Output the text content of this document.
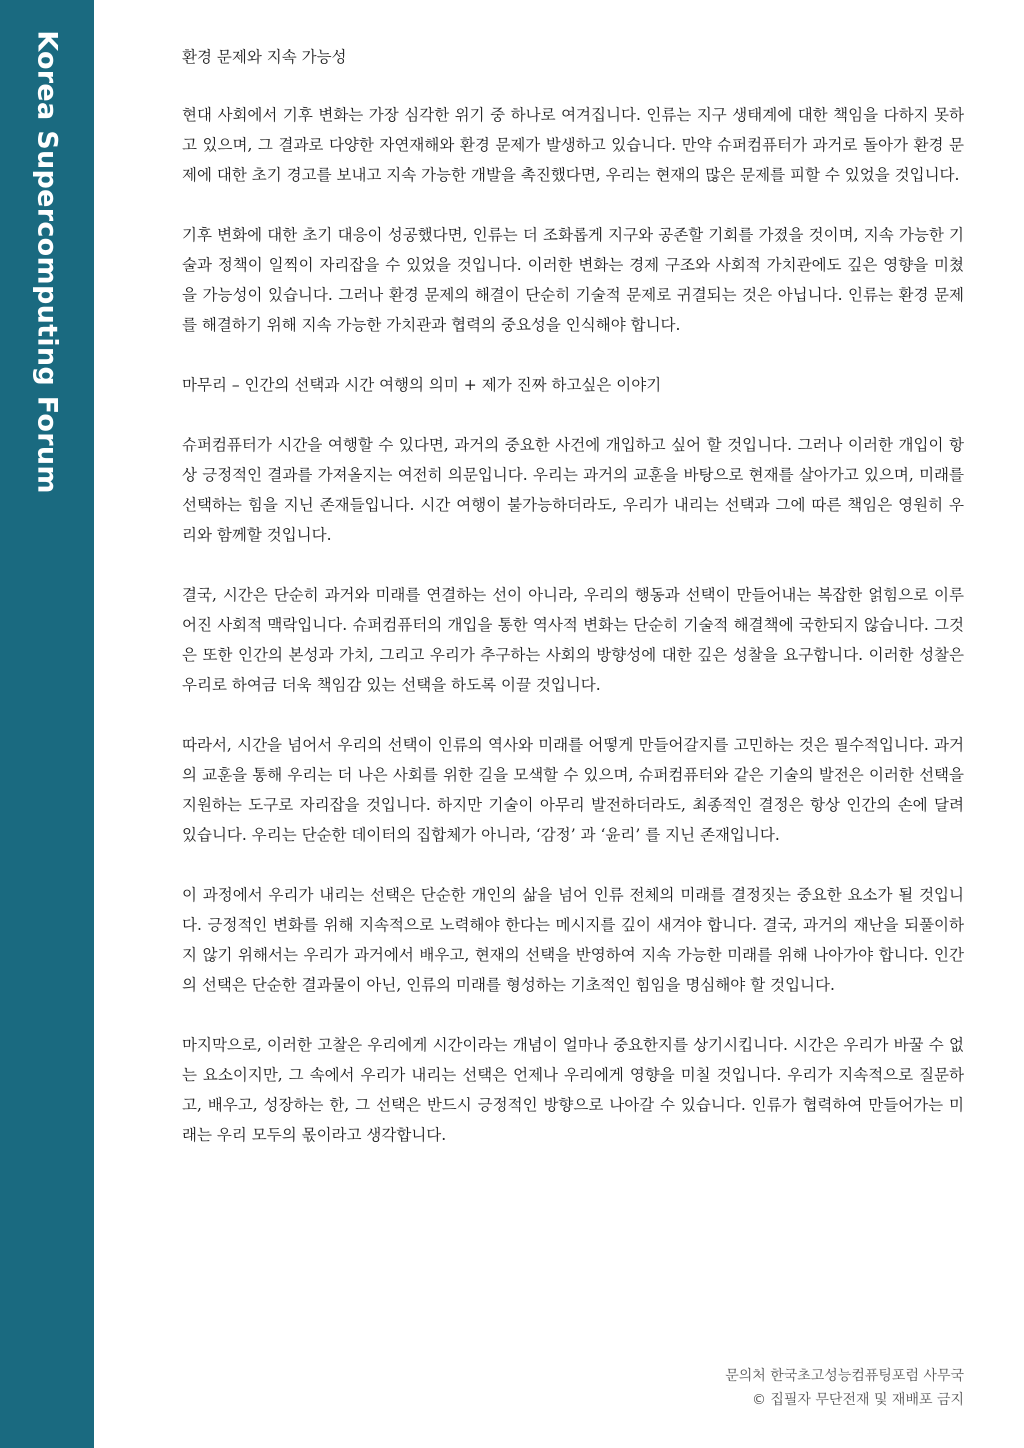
Korea Supercomputing Forum	환경 문제와 지속 가능성

현대 사회에서 기후 변화는 가장 심각한 위기 중 하나로 여겨집니다. 인류는 지구 생태계에 대한 책임을 다하지 못하고 있으며, 그 결과로 다양한 자연재해와 환경 문제가 발생하고 있습니다. 만약 슈퍼컴퓨터가 과거로 돌아가 환경 문제에 대한 초기 경고를 보내고 지속 가능한 개발을 촉진했다면, 우리는 현재의 많은 문제를 피할 수 있었을 것입니다.

기후 변화에 대한 초기 대응이 성공했다면, 인류는 더 조화롭게 지구와 공존할 기회를 가졌을 것이며, 지속 가능한 기술과 정책이 일찍이 자리잡을 수 있었을 것입니다. 이러한 변화는 경제 구조와 사회적 가치관에도 깊은 영향을 미쳤을 가능성이 있습니다. 그러나 환경 문제의 해결이 단순히 기술적 문제로 귀결되는 것은 아닙니다. 인류는 환경 문제를 해결하기 위해 지속 가능한 가치관과 협력의 중요성을 인식해야 합니다.

마무리 – 인간의 선택과 시간 여행의 의미 + 제가 진짜 하고싶은 이야기

슈퍼컴퓨터가 시간을 여행할 수 있다면, 과거의 중요한 사건에 개입하고 싶어 할 것입니다. 그러나 이러한 개입이 항상 긍정적인 결과를 가져올지는 여전히 의문입니다. 우리는 과거의 교훈을 바탕으로 현재를 살아가고 있으며, 미래를 선택하는 힘을 지닌 존재들입니다. 시간 여행이 불가능하더라도, 우리가 내리는 선택과 그에 따른 책임은 영원히 우리와 함께할 것입니다.

결국, 시간은 단순히 과거와 미래를 연결하는 선이 아니라, 우리의 행동과 선택이 만들어내는 복잡한 얽힘으로 이루어진 사회적 맥락입니다. 슈퍼컴퓨터의 개입을 통한 역사적 변화는 단순히 기술적 해결책에 국한되지 않습니다. 그것은 또한 인간의 본성과 가치, 그리고 우리가 추구하는 사회의 방향성에 대한 깊은 성찰을 요구합니다. 이러한 성찰은 우리로 하여금 더욱 책임감 있는 선택을 하도록 이끌 것입니다.

따라서, 시간을 넘어서 우리의 선택이 인류의 역사와 미래를 어떻게 만들어갈지를 고민하는 것은 필수적입니다. 과거의 교훈을 통해 우리는 더 나은 사회를 위한 길을 모색할 수 있으며, 슈퍼컴퓨터와 같은 기술의 발전은 이러한 선택을 지원하는 도구로 자리잡을 것입니다. 하지만 기술이 아무리 발전하더라도, 최종적인 결정은 항상 인간의 손에 달려 있습니다. 우리는 단순한 데이터의 집합체가 아니라, ‘감정’ 과 ‘윤리’ 를 지닌 존재입니다.

이 과정에서 우리가 내리는 선택은 단순한 개인의 삶을 넘어 인류 전체의 미래를 결정짓는 중요한 요소가 될 것입니다. 긍정적인 변화를 위해 지속적으로 노력해야 한다는 메시지를 깊이 새겨야 합니다. 결국, 과거의 재난을 되풀이하지 않기 위해서는 우리가 과거에서 배우고, 현재의 선택을 반영하여 지속 가능한 미래를 위해 나아가야 합니다. 인간의 선택은 단순한 결과물이 아닌, 인류의 미래를 형성하는 기초적인 힘임을 명심해야 할 것입니다.

마지막으로, 이러한 고찰은 우리에게 시간이라는 개념이 얼마나 중요한지를 상기시킵니다. 시간은 우리가 바꿀 수 없는 요소이지만, 그 속에서 우리가 내리는 선택은 언제나 우리에게 영향을 미칠 것입니다. 우리가 지속적으로 질문하고, 배우고, 성장하는 한, 그 선택은 반드시 긍정적인 방향으로 나아갈 수 있습니다. 인류가 협력하여 만들어가는 미래는 우리 모두의 몫이라고 생각합니다.

문의처 한국초고성능컴퓨팅포럼 사무국
© 집필자 무단전재 및 재배포 금지
